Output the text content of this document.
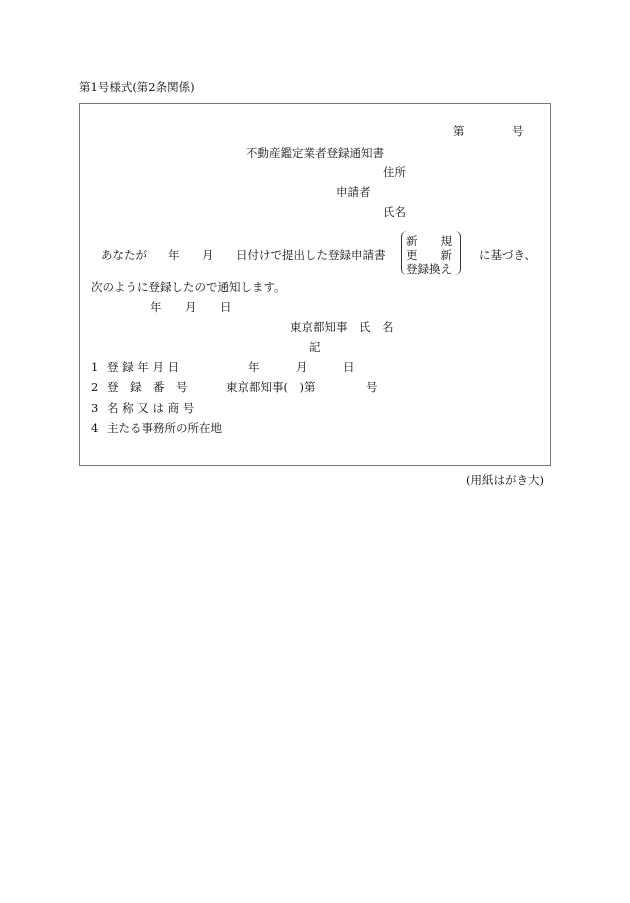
第1号様式(第2条関係)
第	号
不動産鑑定業者登録通知書
住所
申請者
氏名
あなたが 年 月 日付けで提出した登録申請書
新　　規
更　　新
登録換え
に基づき、
次のように登録したので通知します。
年 月 日
東京都知事　氏　名
記
1 登 録 年 月 日	年	月	日
2 登　録　番　号	東京都知事(　)第	号
3 名 称 又 は 商 号
4 主たる事務所の所在地
(用紙はがき大)
